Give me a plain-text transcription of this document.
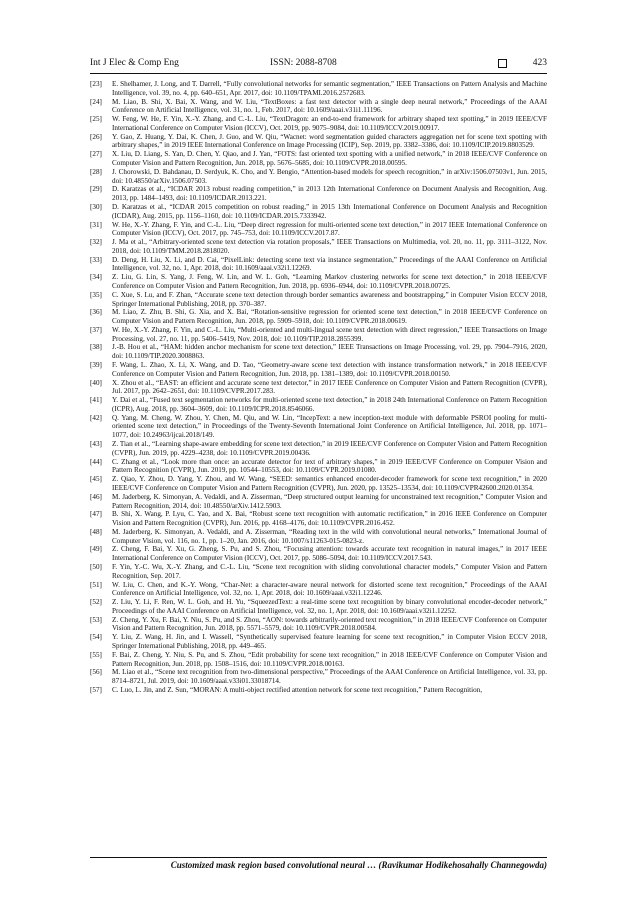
Int J Elec & Comp Eng	ISSN: 2088-8708	423
[23]	E. Shelhamer, J. Long, and T. Darrell, “Fully convolutional networks for semantic segmentation,” IEEE Transactions on Pattern Analysis and Machine Intelligence, vol. 39, no. 4, pp. 640–651, Apr. 2017, doi: 10.1109/TPAMI.2016.2572683.
[24]	M. Liao, B. Shi, X. Bai, X. Wang, and W. Liu, “TextBoxes: a fast text detector with a single deep neural network,” Proceedings of the AAAI Conference on Artificial Intelligence, vol. 31, no. 1, Feb. 2017, doi: 10.1609/aaai.v31i1.11196.
[25]	W. Feng, W. He, F. Yin, X.-Y. Zhang, and C.-L. Liu, “TextDragon: an end-to-end framework for arbitrary shaped text spotting,” in 2019 IEEE/CVF International Conference on Computer Vision (ICCV), Oct. 2019, pp. 9075–9084, doi: 10.1109/ICCV.2019.00917.
[26]	Y. Gao, Z. Huang, Y. Dai, K. Chen, J. Guo, and W. Qiu, “Wacnet: word segmentation guided characters aggregation net for scene text spotting with arbitrary shapes,” in 2019 IEEE International Conference on Image Processing (ICIP), Sep. 2019, pp. 3382–3386, doi: 10.1109/ICIP.2019.8803529.
[27]	X. Liu, D. Liang, S. Yan, D. Chen, Y. Qiao, and J. Yan, “FOTS: fast oriented text spotting with a unified network,” in 2018 IEEE/CVF Conference on Computer Vision and Pattern Recognition, Jun. 2018, pp. 5676–5685, doi: 10.1109/CVPR.2018.00595.
[28]	J. Chorowski, D. Bahdanau, D. Serdyuk, K. Cho, and Y. Bengio, “Attention-based models for speech recognition,” in arXiv:1506.07503v1, Jun. 2015, doi: 10.48550/arXiv.1506.07503.
[29]	D. Karatzas et al., “ICDAR 2013 robust reading competition,” in 2013 12th International Conference on Document Analysis and Recognition, Aug. 2013, pp. 1484–1493, doi: 10.1109/ICDAR.2013.221.
[30]	D. Karatzas et al., “ICDAR 2015 competition on robust reading,” in 2015 13th International Conference on Document Analysis and Recognition (ICDAR), Aug. 2015, pp. 1156–1160, doi: 10.1109/ICDAR.2015.7333942.
[31]	W. He, X.-Y. Zhang, F. Yin, and C.-L. Liu, “Deep direct regression for multi-oriented scene text detection,” in 2017 IEEE International Conference on Computer Vision (ICCV), Oct. 2017, pp. 745–753, doi: 10.1109/ICCV.2017.87.
[32]	J. Ma et al., “Arbitrary-oriented scene text detection via rotation proposals,” IEEE Transactions on Multimedia, vol. 20, no. 11, pp. 3111–3122, Nov. 2018, doi: 10.1109/TMM.2018.2818020.
[33]	D. Deng, H. Liu, X. Li, and D. Cai, “PixelLink: detecting scene text via instance segmentation,” Proceedings of the AAAI Conference on Artificial Intelligence, vol. 32, no. 1, Apr. 2018, doi: 10.1609/aaai.v32i1.12269.
[34]	Z. Liu, G. Lin, S. Yang, J. Feng, W. Lin, and W. L. Goh, “Learning Markov clustering networks for scene text detection,” in 2018 IEEE/CVF Conference on Computer Vision and Pattern Recognition, Jun. 2018, pp. 6936–6944, doi: 10.1109/CVPR.2018.00725.
[35]	C. Xue, S. Lu, and F. Zhan, “Accurate scene text detection through border semantics awareness and bootstrapping,” in Computer Vision ECCV 2018, Springer International Publishing, 2018, pp. 370–387.
[36]	M. Liao, Z. Zhu, B. Shi, G. Xia, and X. Bai, “Rotation-sensitive regression for oriented scene text detection,” in 2018 IEEE/CVF Conference on Computer Vision and Pattern Recognition, Jun. 2018, pp. 5909–5918, doi: 10.1109/CVPR.2018.00619.
[37]	W. He, X.-Y. Zhang, F. Yin, and C.-L. Liu, “Multi-oriented and multi-lingual scene text detection with direct regression,” IEEE Transactions on Image Processing, vol. 27, no. 11, pp. 5406–5419, Nov. 2018, doi: 10.1109/TIP.2018.2855399.
[38]	J.-B. Hou et al., “HAM: hidden anchor mechanism for scene text detection,” IEEE Transactions on Image Processing, vol. 29, pp. 7904–7916, 2020, doi: 10.1109/TIP.2020.3008863.
[39]	F. Wang, L. Zhao, X. Li, X. Wang, and D. Tao, “Geometry-aware scene text detection with instance transformation network,” in 2018 IEEE/CVF Conference on Computer Vision and Pattern Recognition, Jun. 2018, pp. 1381–1389, doi: 10.1109/CVPR.2018.00150.
[40]	X. Zhou et al., “EAST: an efficient and accurate scene text detector,” in 2017 IEEE Conference on Computer Vision and Pattern Recognition (CVPR), Jul. 2017, pp. 2642–2651, doi: 10.1109/CVPR.2017.283.
[41]	Y. Dai et al., “Fused text segmentation networks for multi-oriented scene text detection,” in 2018 24th International Conference on Pattern Recognition (ICPR), Aug. 2018, pp. 3604–3609, doi: 10.1109/ICPR.2018.8546066.
[42]	Q. Yang, M. Cheng, W. Zhou, Y. Chen, M. Qiu, and W. Lin, “IncepText: a new inception-text module with deformable PSROI pooling for multi-oriented scene text detection,” in Proceedings of the Twenty-Seventh International Joint Conference on Artificial Intelligence, Jul. 2018, pp. 1071–1077, doi: 10.24963/ijcai.2018/149.
[43]	Z. Tian et al., “Learning shape-aware embedding for scene text detection,” in 2019 IEEE/CVF Conference on Computer Vision and Pattern Recognition (CVPR), Jun. 2019, pp. 4229–4238, doi: 10.1109/CVPR.2019.00436.
[44]	C. Zhang et al., “Look more than once: an accurate detector for text of arbitrary shapes,” in 2019 IEEE/CVF Conference on Computer Vision and Pattern Recognition (CVPR), Jun. 2019, pp. 10544–10553, doi: 10.1109/CVPR.2019.01080.
[45]	Z. Qiao, Y. Zhou, D. Yang, Y. Zhou, and W. Wang, “SEED: semantics enhanced encoder-decoder framework for scene text recognition,” in 2020 IEEE/CVF Conference on Computer Vision and Pattern Recognition (CVPR), Jun. 2020, pp. 13525–13534, doi: 10.1109/CVPR42600.2020.01354.
[46]	M. Jaderberg, K. Simonyan, A. Vedaldi, and A. Zisserman, “Deep structured output learning for unconstrained text recognition,” Computer Vision and Pattern Recognition, 2014, doi: 10.48550/arXiv.1412.5903.
[47]	B. Shi, X. Wang, P. Lyu, C. Yao, and X. Bai, “Robust scene text recognition with automatic rectification,” in 2016 IEEE Conference on Computer Vision and Pattern Recognition (CVPR), Jun. 2016, pp. 4168–4176, doi: 10.1109/CVPR.2016.452.
[48]	M. Jaderberg, K. Simonyan, A. Vedaldi, and A. Zisserman, “Reading text in the wild with convolutional neural networks,” International Journal of Computer Vision, vol. 116, no. 1, pp. 1–20, Jan. 2016, doi: 10.1007/s11263-015-0823-z.
[49]	Z. Cheng, F. Bai, Y. Xu, G. Zheng, S. Pu, and S. Zhou, “Focusing attention: towards accurate text recognition in natural images,” in 2017 IEEE International Conference on Computer Vision (ICCV), Oct. 2017, pp. 5086–5094, doi: 10.1109/ICCV.2017.543.
[50]	F. Yin, Y.-C. Wu, X.-Y. Zhang, and C.-L. Liu, “Scene text recognition with sliding convolutional character models,” Computer Vision and Pattern Recognition, Sep. 2017.
[51]	W. Liu, C. Chen, and K.-Y. Wong, “Char-Net: a character-aware neural network for distorted scene text recognition,” Proceedings of the AAAI Conference on Artificial Intelligence, vol. 32, no. 1, Apr. 2018, doi: 10.1609/aaai.v32i1.12246.
[52]	Z. Liu, Y. Li, F. Ren, W. L. Goh, and H. Yu, “SqueezedText: a real-time scene text recognition by binary convolutional encoder-decoder network,” Proceedings of the AAAI Conference on Artificial Intelligence, vol. 32, no. 1, Apr. 2018, doi: 10.1609/aaai.v32i1.12252.
[53]	Z. Cheng, Y. Xu, F. Bai, Y. Niu, S. Pu, and S. Zhou, “AON: towards arbitrarily-oriented text recognition,” in 2018 IEEE/CVF Conference on Computer Vision and Pattern Recognition, Jun. 2018, pp. 5571–5579, doi: 10.1109/CVPR.2018.00584.
[54]	Y. Liu, Z. Wang, H. Jin, and I. Wassell, “Synthetically supervised feature learning for scene text recognition,” in Computer Vision ECCV 2018, Springer International Publishing, 2018, pp. 449–465.
[55]	F. Bai, Z. Cheng, Y. Niu, S. Pu, and S. Zhou, “Edit probability for scene text recognition,” in 2018 IEEE/CVF Conference on Computer Vision and Pattern Recognition, Jun. 2018, pp. 1508–1516, doi: 10.1109/CVPR.2018.00163.
[56]	M. Liao et al., “Scene text recognition from two-dimensional perspective,” Proceedings of the AAAI Conference on Artificial Intelligence, vol. 33, pp. 8714–8721, Jul. 2019, doi: 10.1609/aaai.v33i01.33018714.
[57]	C. Luo, L. Jin, and Z. Sun, “MORAN: A multi-object rectified attention network for scene text recognition,” Pattern Recognition,
Customized mask region based convolutional neural … (Ravikumar Hodikehosahally Channegowda)
